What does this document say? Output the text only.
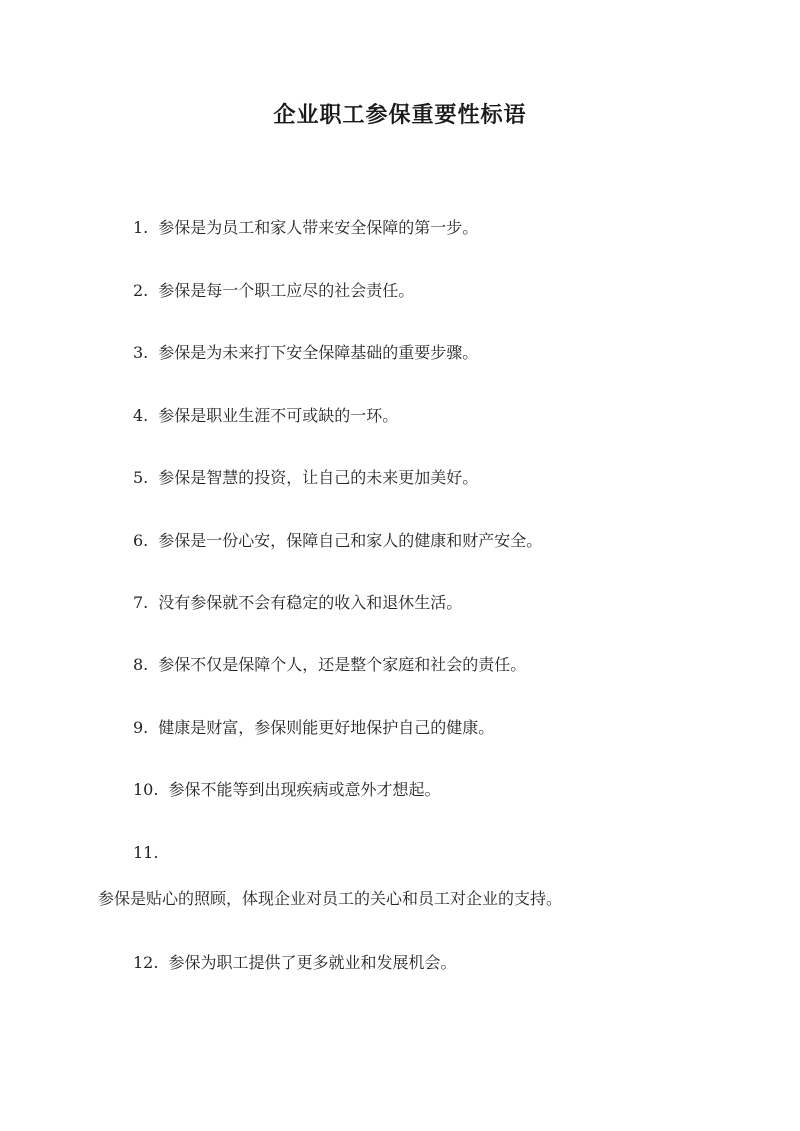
企业职工参保重要性标语
1. 参保是为员工和家人带来安全保障的第一步。
2. 参保是每一个职工应尽的社会责任。
3. 参保是为未来打下安全保障基础的重要步骤。
4. 参保是职业生涯不可或缺的一环。
5. 参保是智慧的投资，让自己的未来更加美好。
6. 参保是一份心安，保障自己和家人的健康和财产安全。
7. 没有参保就不会有稳定的收入和退休生活。
8. 参保不仅是保障个人，还是整个家庭和社会的责任。
9. 健康是财富，参保则能更好地保护自己的健康。
10. 参保不能等到出现疾病或意外才想起。
11.
参保是贴心的照顾，体现企业对员工的关心和员工对企业的支持。
12. 参保为职工提供了更多就业和发展机会。
